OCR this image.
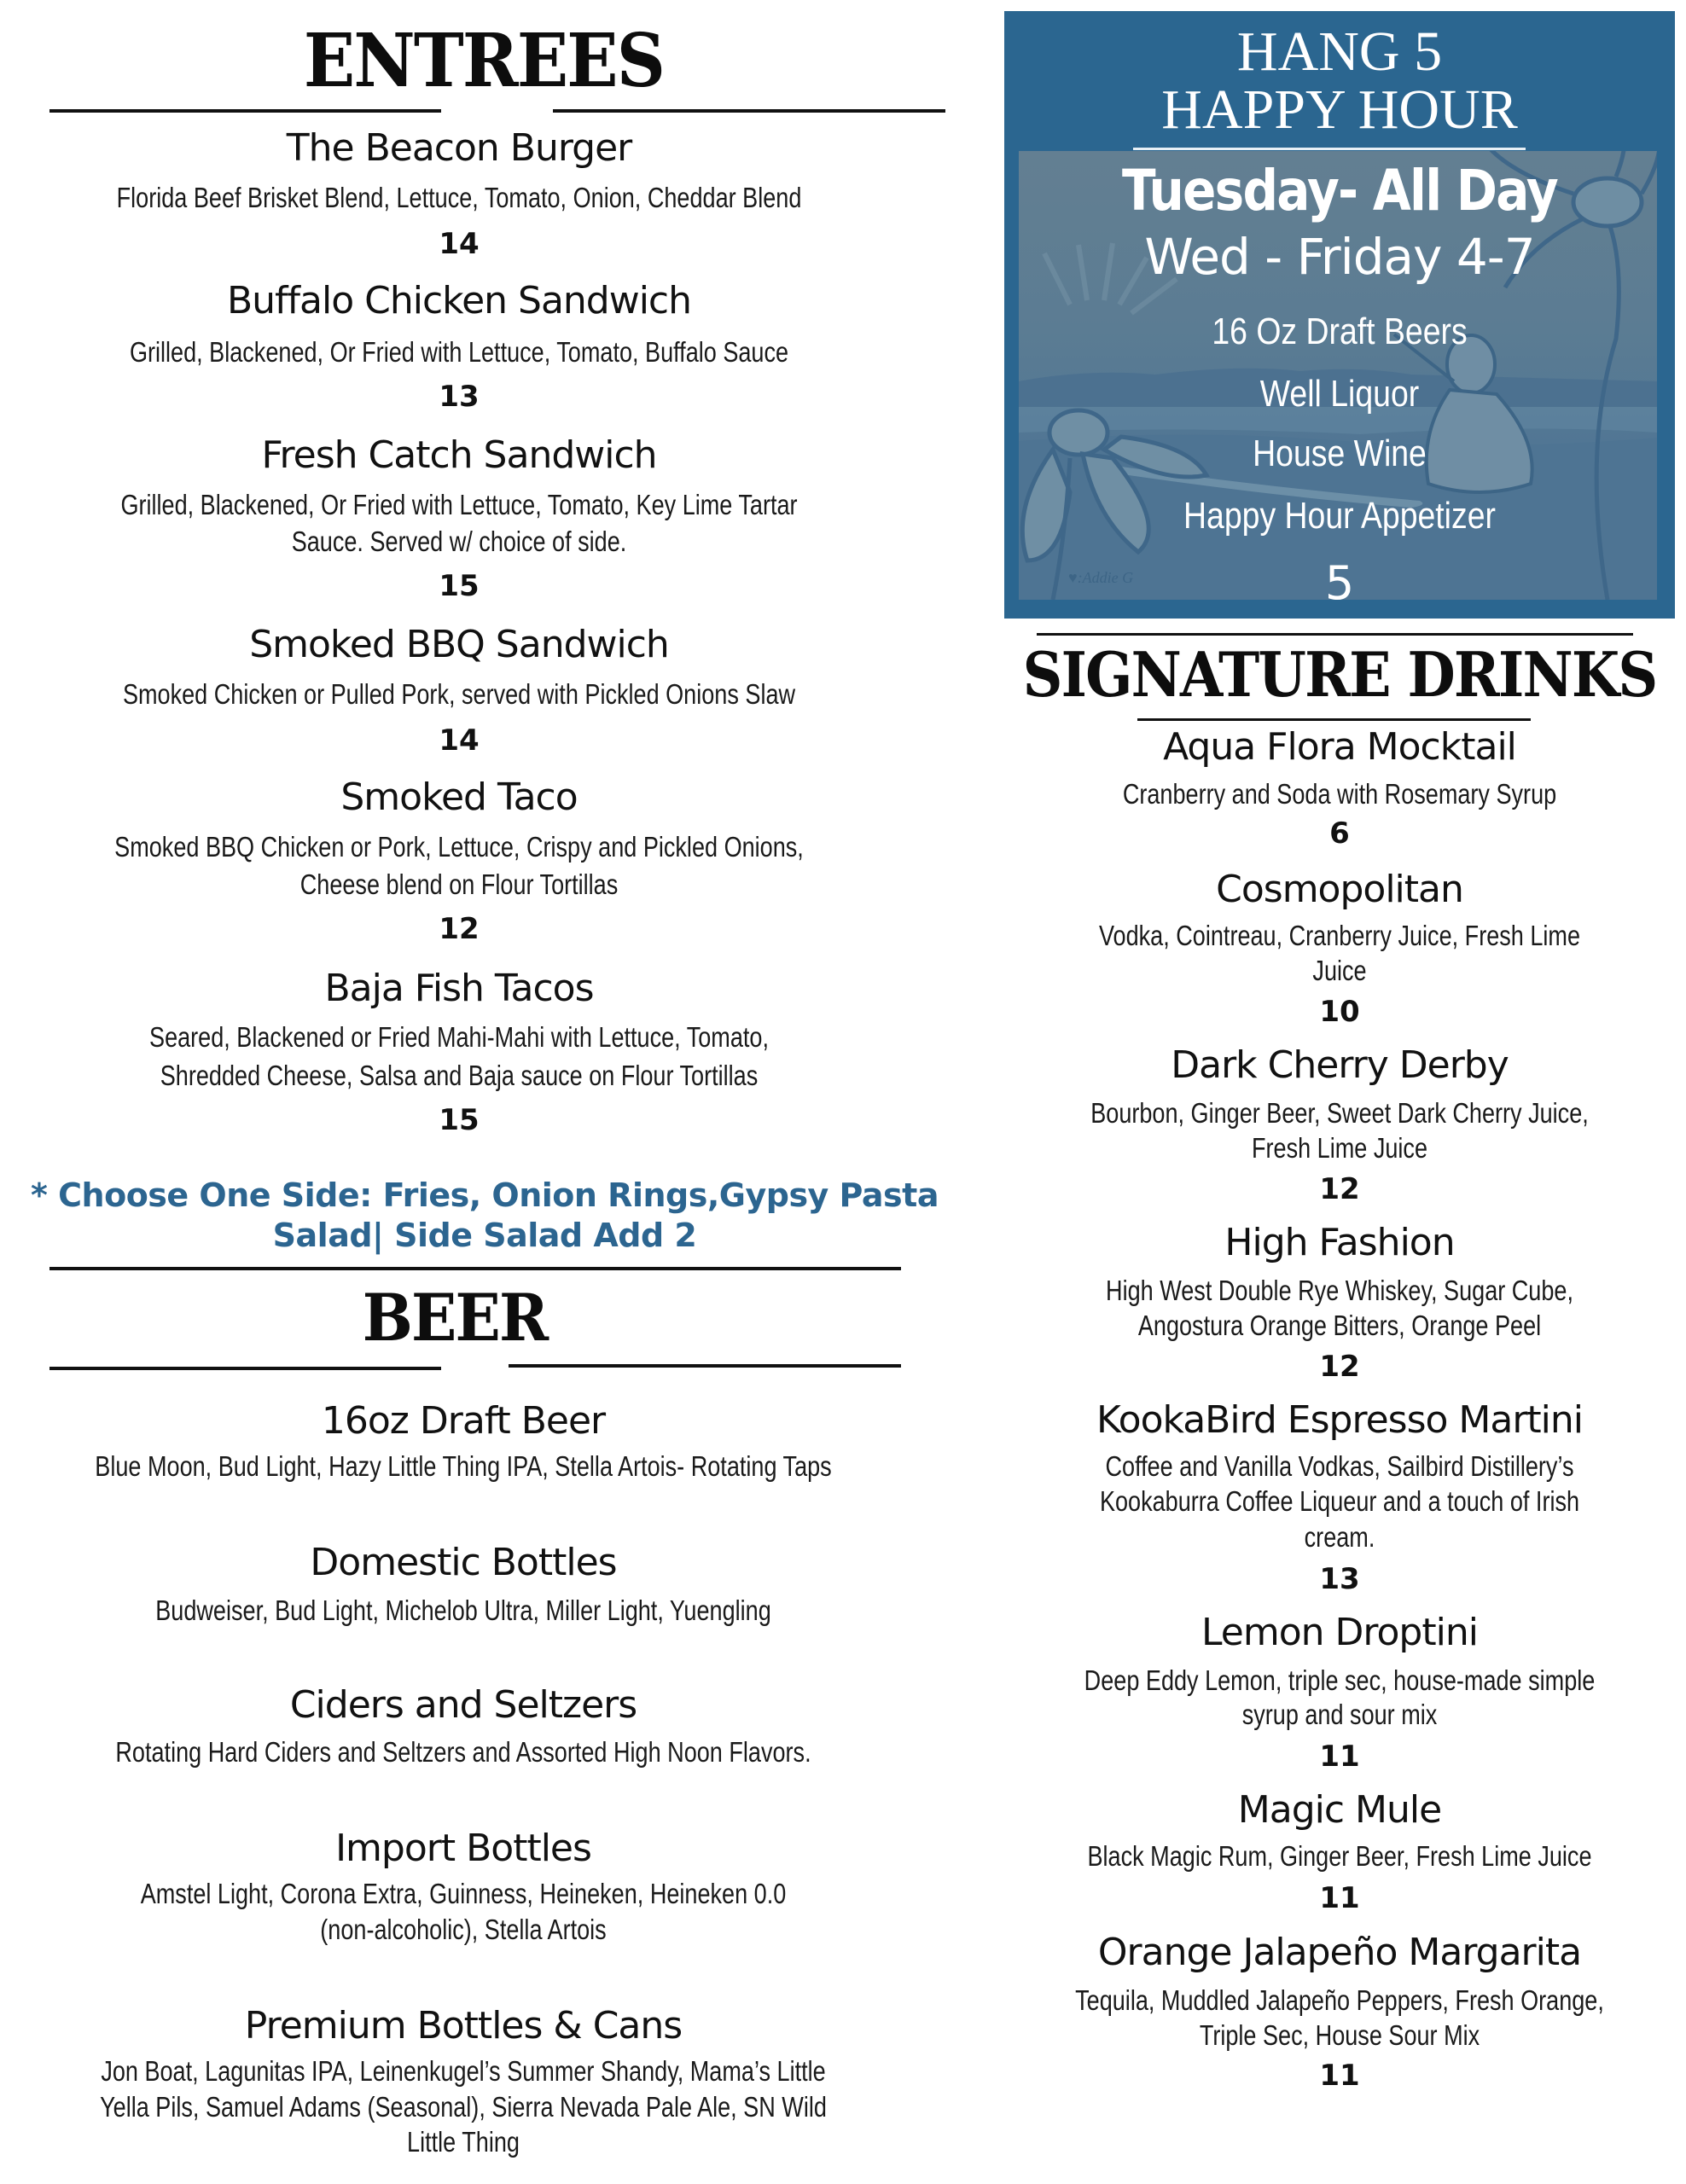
ENTREES
The Beacon Burger
Florida Beef Brisket Blend, Lettuce, Tomato, Onion, Cheddar Blend
14
Buffalo Chicken Sandwich
Grilled, Blackened, Or Fried with Lettuce, Tomato, Buffalo Sauce
13
Fresh Catch Sandwich
Grilled, Blackened, Or Fried with Lettuce, Tomato, Key Lime Tartar
Sauce. Served w/ choice of side.
15
Smoked BBQ Sandwich
Smoked Chicken or Pulled Pork, served with Pickled Onions Slaw
14
Smoked Taco
Smoked BBQ Chicken or Pork, Lettuce, Crispy and Pickled Onions,
Cheese blend on Flour Tortillas
12
Baja Fish Tacos
Seared, Blackened or Fried Mahi-Mahi with Lettuce, Tomato,
Shredded Cheese, Salsa and Baja sauce on Flour Tortillas
15
* Choose One Side: Fries, Onion Rings,Gypsy Pasta
Salad| Side Salad Add 2
BEER
16oz Draft Beer
Blue Moon, Bud Light, Hazy Little Thing IPA, Stella Artois- Rotating Taps
Domestic Bottles
Budweiser, Bud Light, Michelob Ultra, Miller Light, Yuengling
Ciders and Seltzers
Rotating Hard Ciders and Seltzers and Assorted High Noon Flavors.
Import Bottles
Amstel Light, Corona Extra, Guinness, Heineken, Heineken 0.0
(non-alcoholic), Stella Artois
Premium Bottles & Cans
Jon Boat, Lagunitas IPA, Leinenkugel’s Summer Shandy, Mama’s Little
Yella Pils, Samuel Adams (Seasonal), Sierra Nevada Pale Ale, SN Wild
Little Thing
♥:Addie G
HANG 5
HAPPY HOUR
Tuesday- All Day
Wed - Friday 4-7
16 Oz Draft Beers
Well Liquor
House Wine
Happy Hour Appetizer
5
SIGNATURE DRINKS
Aqua Flora Mocktail
Cranberry and Soda with Rosemary Syrup
6
Cosmopolitan
Vodka, Cointreau, Cranberry Juice, Fresh Lime
Juice
10
Dark Cherry Derby
Bourbon, Ginger Beer, Sweet Dark Cherry Juice,
Fresh Lime Juice
12
High Fashion
High West Double Rye Whiskey, Sugar Cube,
Angostura Orange Bitters, Orange Peel
12
KookaBird Espresso Martini
Coffee and Vanilla Vodkas, Sailbird Distillery’s
Kookaburra Coffee Liqueur and a touch of Irish
cream.
13
Lemon Droptini
Deep Eddy Lemon, triple sec, house-made simple
syrup and sour mix
11
Magic Mule
Black Magic Rum, Ginger Beer, Fresh Lime Juice
11
Orange Jalapeño Margarita
Tequila, Muddled Jalapeño Peppers, Fresh Orange,
Triple Sec, House Sour Mix
11
